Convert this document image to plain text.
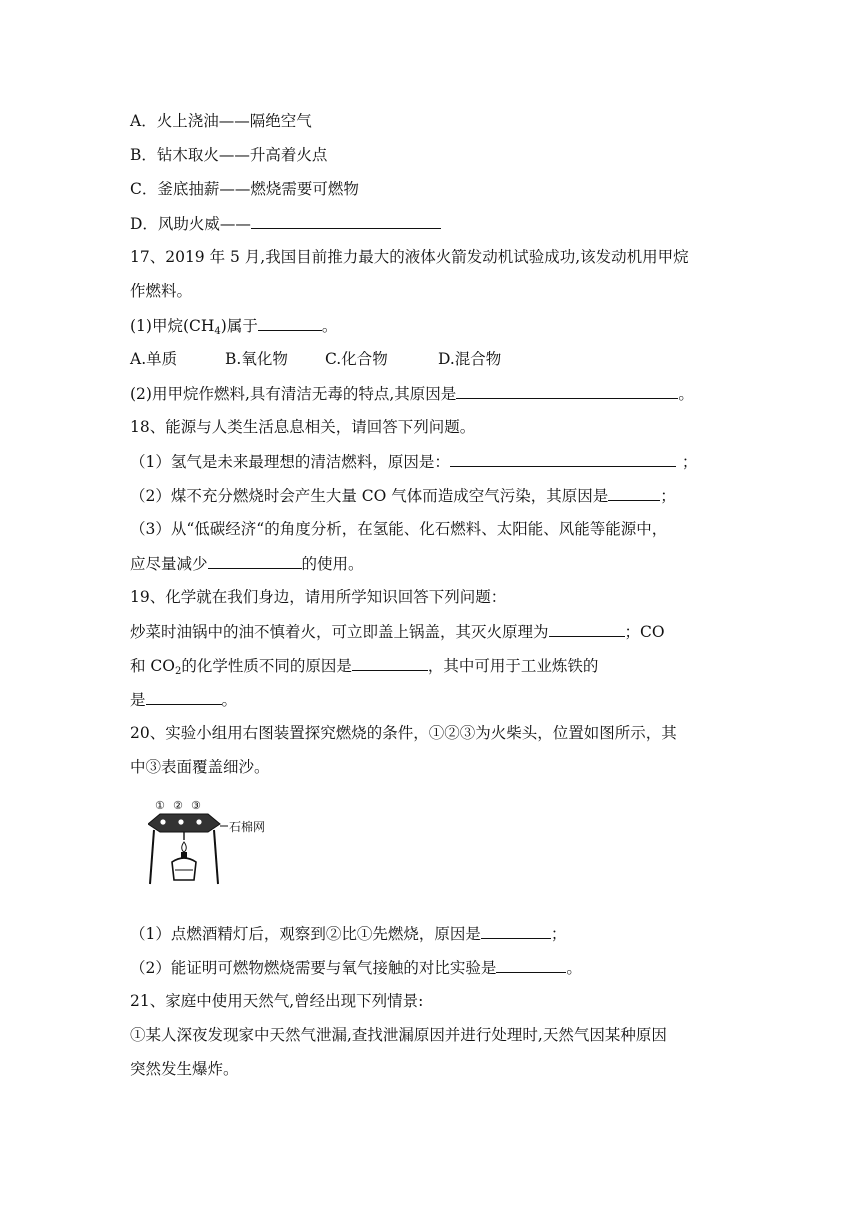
A．火上浇油——隔绝空气
B．钻木取火——升高着火点
C．釜底抽薪——燃烧需要可燃物
D．风助火威——
17、2019 年 5 月,我国目前推力最大的液体火箭发动机试验成功,该发动机用甲烷
作燃料。
(1)甲烷$(CH_4)$属于	。
A.单质	B.氧化物 C.化合物	D.混合物
(2)用甲烷作燃料,具有清洁无毒的特点,其原因是	。
18、能源与人类生活息息相关，请回答下列问题。
（1）氢气是未来最理想的清洁燃料，原因是：	；
（2）煤不充分燃烧时会产生大量 CO 气体而造成空气污染，其原因是	；
（3）从“低碳经济“的角度分析，在氢能、化石燃料、太阳能、风能等能源中，
应尽量减少	的使用。
19、化学就在我们身边，请用所学知识回答下列问题：
炒菜时油锅中的油不慎着火，可立即盖上锅盖，其灭火原理为	；CO
和 $CO_2$的化学性质不同的原因是	，其中可用于工业炼铁的
是	。
20、实验小组用右图装置探究燃烧的条件，①②③为火柴头，位置如图所示，其
中③表面覆盖细沙。
① ② ③
石棉网
（1）点燃酒精灯后，观察到②比①先燃烧，原因是	；
（2）能证明可燃物燃烧需要与氧气接触的对比实验是	。
21、家庭中使用天然气,曾经出现下列情景:
①某人深夜发现家中天然气泄漏,查找泄漏原因并进行处理时,天然气因某种原因
突然发生爆炸。
